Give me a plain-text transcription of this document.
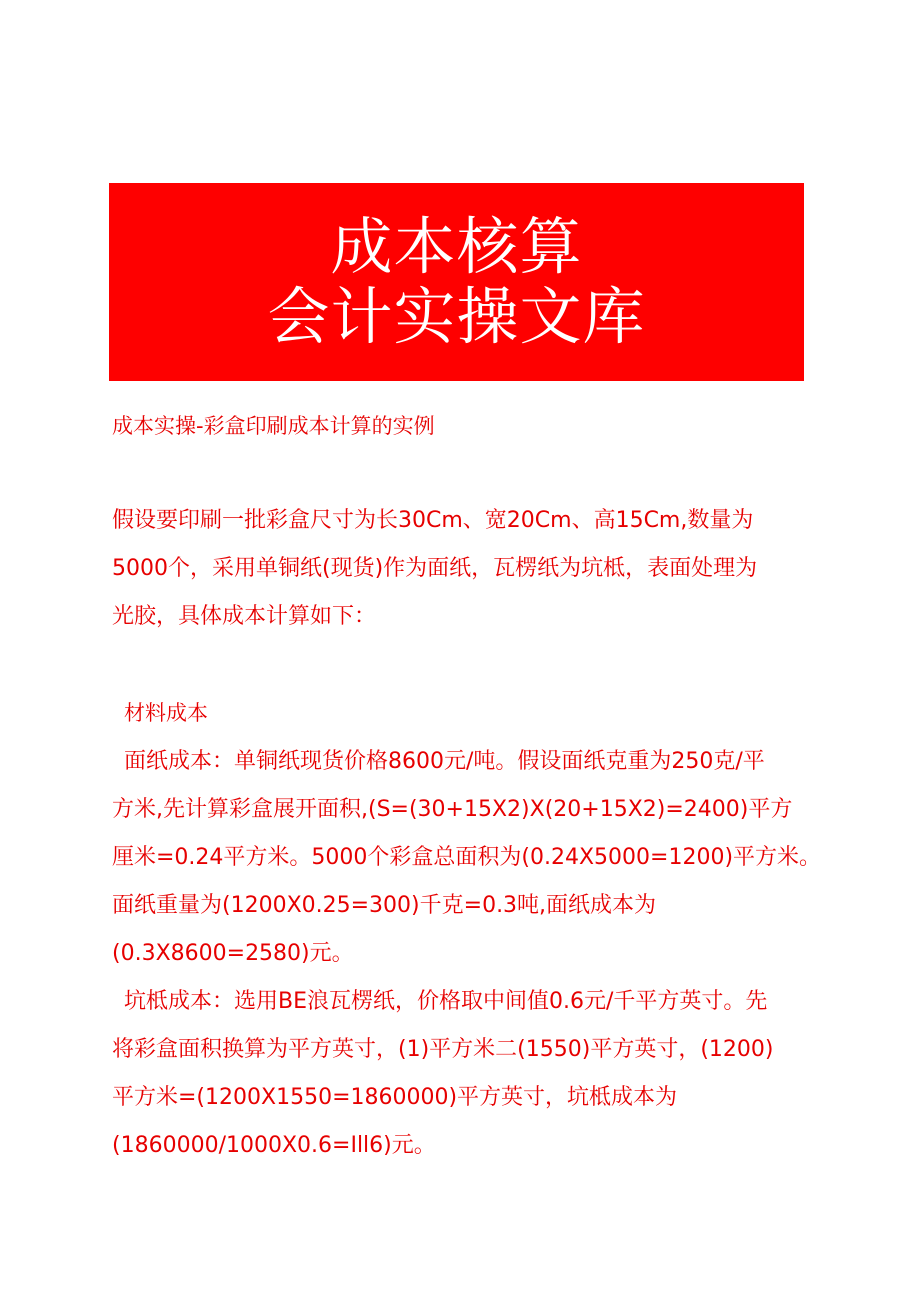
成本核算
会计实操文库
成本实操-彩盒印刷成本计算的实例
假设要印刷一批彩盒尺寸为长30Cm、宽20Cm、高15Cm,数量为
5000个，采用单铜纸(现货)作为面纸，瓦楞纸为坑柢，表面处理为
光胶，具体成本计算如下：
材料成本
面纸成本：单铜纸现货价格8600元/吨。假设面纸克重为250克/平
方米,先计算彩盒展开面积,(S=(30+15X2)X(20+15X2)=2400)平方
厘米=0.24平方米。5000个彩盒总面积为(0.24X5000=1200)平方米。
面纸重量为(1200X0.25=300)千克=0.3吨,面纸成本为
(0.3X8600=2580)元。
坑柢成本：选用BE浪瓦楞纸，价格取中间值0.6元/千平方英寸。先
将彩盒面积换算为平方英寸，(1)平方米二(1550)平方英寸，(1200)
平方米=(1200X1550=1860000)平方英寸，坑柢成本为
(1860000/1000X0.6=Ill6)元。
